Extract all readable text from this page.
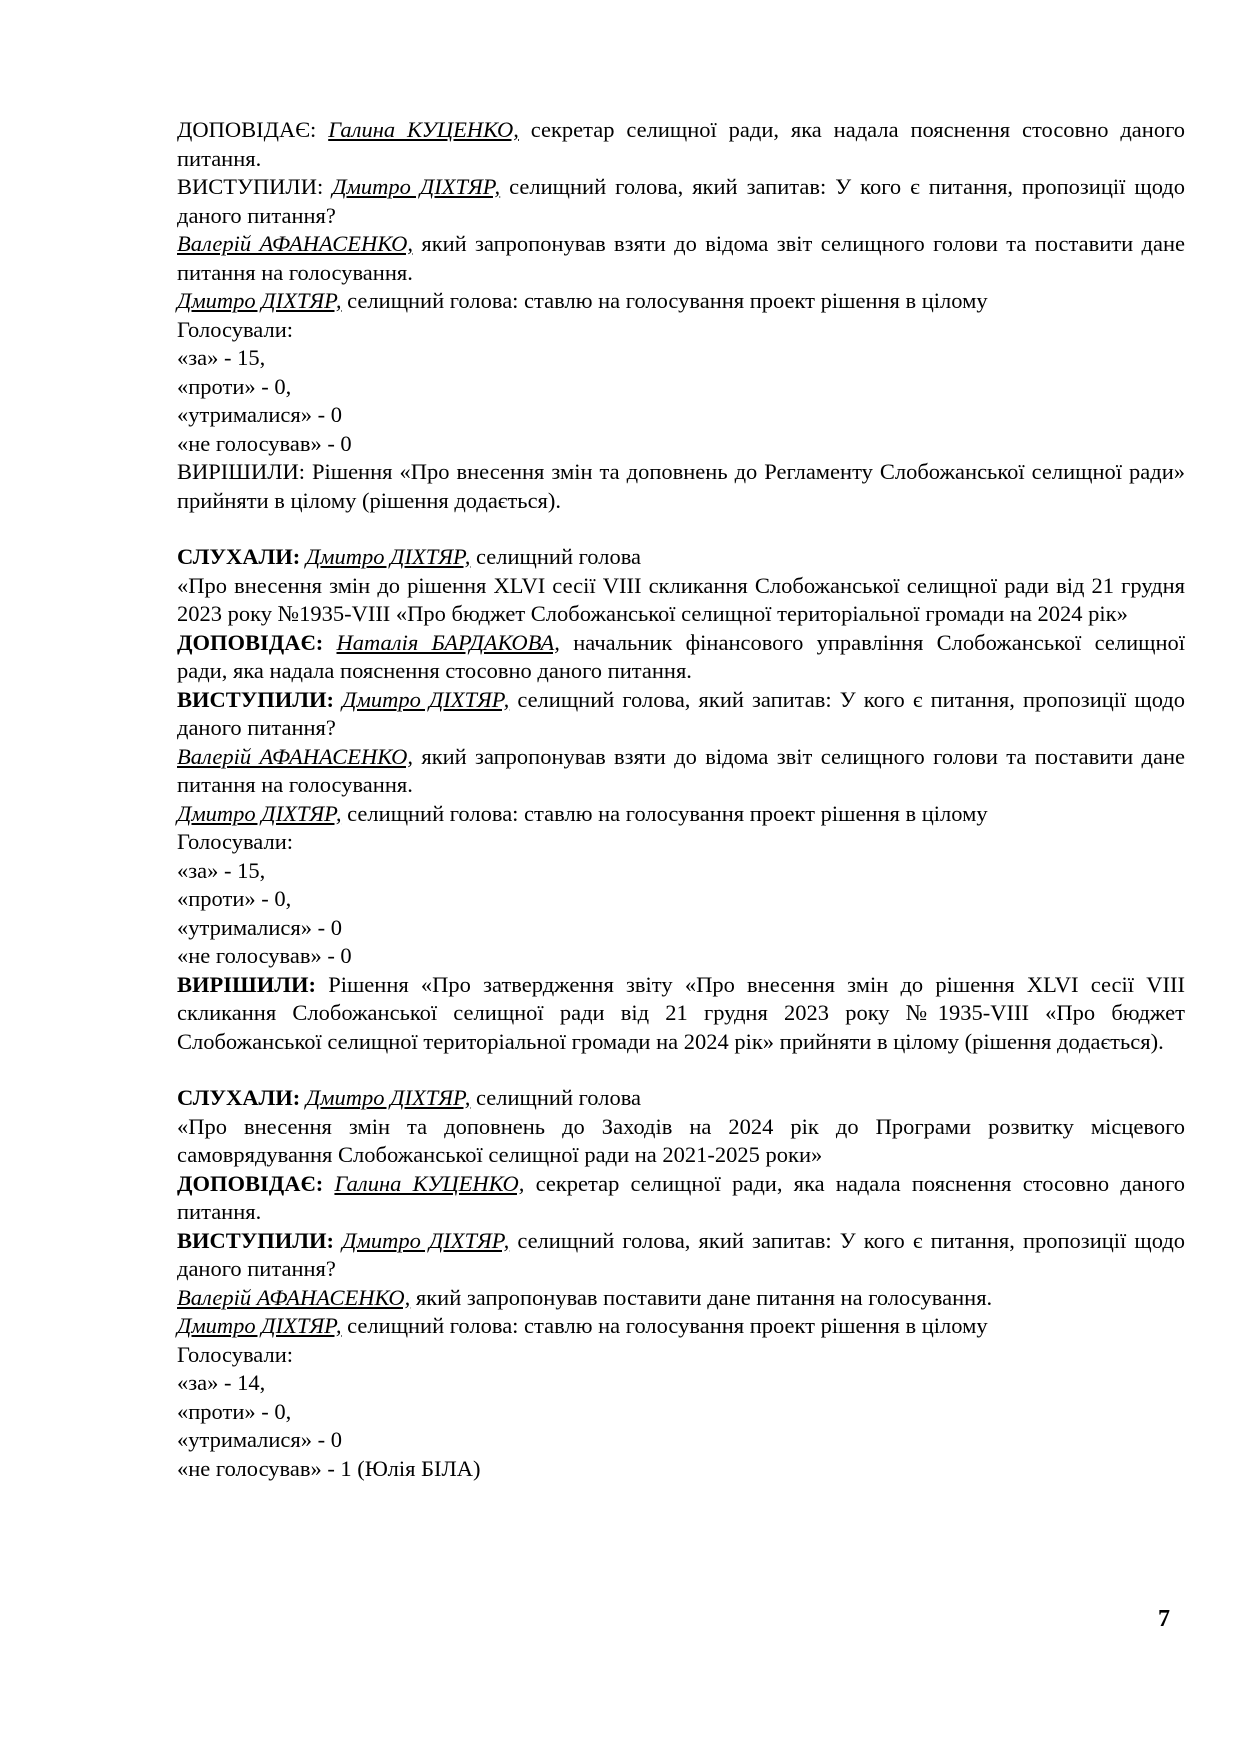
ДОПОВІДАЄ: Галина КУЦЕНКО, секретар селищної ради, яка надала пояснення стосовно даного питання.

ВИСТУПИЛИ: Дмитро ДІХТЯР, селищний голова, який запитав: У кого є питання, пропозиції щодо даного питання?

Валерій АФАНАСЕНКО, який запропонував взяти до відома звіт селищного голови та поставити дане питання на голосування.

Дмитро ДІХТЯР, селищний голова: ставлю на голосування проект рішення в цілому

Голосували:

«за» - 15,

«проти» - 0,

«утрималися» - 0

«не голосував» - 0

ВИРІШИЛИ: Рішення «Про внесення змін та доповнень до Регламенту Слобожанської селищної ради» прийняти в цілому (рішення додається).

СЛУХАЛИ: Дмитро ДІХТЯР, селищний голова

«Про внесення змін до рішення XLVI сесії VIII скликання Слобожанської селищної ради від 21 грудня 2023 року №1935-VIII «Про бюджет Слобожанської селищної територіальної громади на 2024 рік»

ДОПОВІДАЄ: Наталія БАРДАКОВА, начальник фінансового управління Слобожанської селищної ради, яка надала пояснення стосовно даного питання.

ВИСТУПИЛИ: Дмитро ДІХТЯР, селищний голова, який запитав: У кого є питання, пропозиції щодо даного питання?

Валерій АФАНАСЕНКО, який запропонував взяти до відома звіт селищного голови та поставити дане питання на голосування.

Дмитро ДІХТЯР, селищний голова: ставлю на голосування проект рішення в цілому

Голосували:

«за» - 15,

«проти» - 0,

«утрималися» - 0

«не голосував» - 0

ВИРІШИЛИ: Рішення «Про затвердження звіту «Про внесення змін до рішення XLVI сесії VIII скликання Слобожанської селищної ради від 21 грудня 2023 року №1935-VIII «Про бюджет Слобожанської селищної територіальної громади на 2024 рік» прийняти в цілому (рішення додається).

СЛУХАЛИ: Дмитро ДІХТЯР, селищний голова

«Про внесення змін та доповнень до Заходів на 2024 рік до Програми розвитку місцевого самоврядування Слобожанської селищної ради на 2021-2025 роки»

ДОПОВІДАЄ: Галина КУЦЕНКО, секретар селищної ради, яка надала пояснення стосовно даного питання.

ВИСТУПИЛИ: Дмитро ДІХТЯР, селищний голова, який запитав: У кого є питання, пропозиції щодо даного питання?

Валерій АФАНАСЕНКО, який запропонував поставити дане питання на голосування.

Дмитро ДІХТЯР, селищний голова: ставлю на голосування проект рішення в цілому

Голосували:

«за» - 14,

«проти» - 0,

«утрималися» - 0

«не голосував» - 1 (Юлія БІЛА)

7
